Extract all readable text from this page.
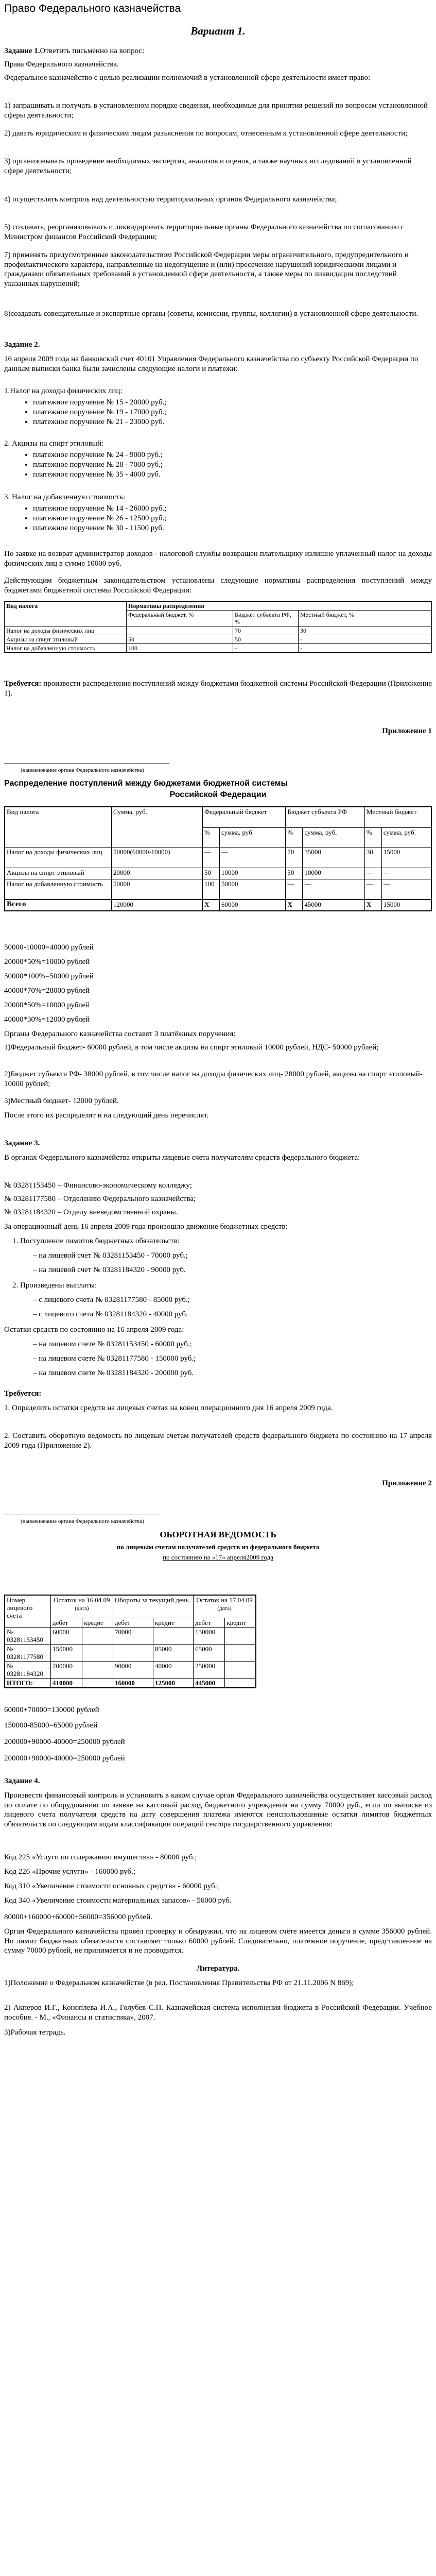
Право Федерального казначейства
Вариант 1.
Задание 1.Ответить письменно на вопрос:
Права Федерального казначейства.
Федеральное казначейство с целью реализации полномочий в установленной сфере деятельности имеет право:
1) запрашивать и получать в установленном порядке сведения, необходимые для принятия решений по вопросам установленной сферы деятельности;
2) давать юридическим и физическим лицам разъяснения по вопросам, отнесенным к установленной сфере деятельности;
3) организовывать проведение необходимых экспертиз, анализов и оценок, а также научных исследований в установленной сфере деятельности;
4) осуществлять контроль над деятельностью территориальных органов Федерального казначейства;
5) создавать, реорганизовывать и ликвидировать территориальные органы Федерального казначейства по согласованию с Министром финансов Российской Федерации;
7) применять предусмотренные законодательством Российской Федерации меры ограничительного, предупредительного и профилактического характера, направленные на недопущение и (или) пресечение нарушений юридическими лицами и гражданами обязательных требований в установленной сфере деятельности, а также меры по ликвидации последствий указанных нарушений;
8)создавать совещательные и экспертные органы (советы, комиссии, группы, коллегии) в установленной сфере деятельности.
Задание 2.
16 апреля 2009 года на банковский счет 40101 Управления Федерального казначейства по субъекту Российской Федерации по данным выписки банка были зачислены следующие налоги и платежи:
1.Налог на доходы физических лиц:
• платежное поручение № 15 - 20000 руб.;
• платежное поручение № 19 - 17000 руб.;
• платежное поручение № 21 - 23000 руб.
2. Акцизы на спирт этиловый:
• платежное поручение № 24 - 9000 руб.;
• платежное поручение № 28 - 7000 руб.;
• платежное поручение № 35 - 4000 руб.
3. Налог на добавленную стоимость:
• платежное поручение № 14 - 26000 руб.;
• платежное поручение № 26 - 12500 руб.;
• платежное поручение № 30 - 11500 руб.
По заявке на возврат администратор доходов - налоговой службы возвращен плательщику излишне уплаченный налог на доходы физических лиц в сумме 10000 руб.
Действующим бюджетным законодательством установлены следующие нормативы распределения поступлений между бюджетами бюджетной системы Российской Федерации:
Вид налога	Нормативы распределения		
	Федеральный бюджет, %	Бюджет субъекта РФ, %	Местный бюджет, %
Налог на доходы физических лиц		70	30
Акцизы на спирт этиловый	50	50	-
Налог на добавленную стоимость	100	-	-
Требуется: произвести распределение поступлений между бюджетами бюджетной системы Российской Федерации (Приложение 1).
Приложение 1
(наименование органа Федерального казначейства)
Распределение поступлений между бюджетами бюджетной системы
Российской Федерации
Вид налога	Сумма, руб.	Федеральный бюджет		Бюджет субъекта РФ		Местный бюджет	
		%	сумма, руб.	%	сумма, руб.	%	сумма, руб.
Налог на доходы физических лиц	50000(60000-10000)	—	—	70	35000	30	15000
Акцизы на спирт этиловый	20000	50	10000	50	10000	—	—
Налог на добавленную стоимость	50000	100	50000	—	—	—	—
Всего	120000	Х	60000	Х	45000	Х	15000
50000-10000=40000 рублей
20000*50%=10000 рублей
50000*100%=50000 рублей
40000*70%=28000 рублей
20000*50%=10000 рублей
40000*30%=12000 рублей
Органы Федерального казначейства составят 3 платёжных поручения:
1)Федеральный бюджет- 60000 рублей, в том числе акцизы на спирт этиловый 10000 рублей, НДС- 50000 рублей;
2)Бюджет субъекта РФ- 38000 рублей, в том числе налог на доходы физических лиц- 28000 рублей, акцизы на спирт этиловый- 10000 рублей;
3)Местный бюджет- 12000 рублей.
После этого их распределят и на следующий день перечислят.
Задание 3.
В органах Федерального казначейства открыты лицевые счета получателям средств федерального бюджета:
№ 03281153450 – Финансово-экономическому колледжу;
№ 03281177580 – Отделению Федерального казначейства;
№ 03281184320 – Отделу вневедомственной охраны.
За операционный день 16 апреля 2009 года произошло движение бюджетных средств:
1. Поступление лимитов бюджетных обязательств:
– на лицевой счет № 03281153450 - 70000 руб.;
– на лицевой счет № 03281184320 - 90000 руб.
2. Произведены выплаты:
– с лицевого счета № 03281177580 - 85000 руб.;
– с лицевого счета № 03281184320 - 40000 руб.
Остатки средств по состоянию на 16 апреля 2009 года:
– на лицевом счете № 03281153450 - 60000 руб.;
– на лицевом счете № 03281177580 - 150000 руб.;
– на лицевом счете № 03281184320 - 200000 руб.
Требуется:
1. Определить остатки средств на лицевых счетах на конец операционного дня 16 апреля 2009 года.
2. Составить оборотную ведомость по лицевым счетам получателей средств федерального бюджета по состоянию на 17 апреля 2009 года (Приложение 2).
Приложение 2
(наименование органа Федерального казначейства)
ОБОРОТНАЯ ВЕДОМОСТЬ
по лицевым счетам получателей средств из федерального бюджета
по состоянию на «17» апреля2009 года
Номер лицевого счета	Остаток на 16.04.09
(дата)		Обороты за текущий день		Остаток на 17.04.09
(дата)	
	дебет	кредит	дебет	кредит	дебет	кредит
№ 03281153450	60000		70000		130000	__
№ 03281177580	150000			85000	65000	__
№ 03281184320	200000		90000	40000	250000	__
ИТОГО:	410000		160000	125000	445000	__
60000+70000=130000 рублей
150000-85000=65000 рублей
200000+90000-40000=250000 рублей
200000+90000-40000=250000 рублей
Задание 4.
Произвести финансовый контроль и установить в каком случае орган Федерального казначейства осуществляет кассовый расход по оплате по оборудованию по заявке на кассовый расход бюджетного учреждения на сумму 70000 руб., если по выписке из лицевого счета получателя средств на дату совершения платежа имеются неиспользованные остатки лимитов бюджетных обязательств по следующим кодам классификации операций сектора государственного управления:
Код 225 «Услуги по содержанию имущества» - 80000 руб.;
Код 226 «Прочие услуги» - 160000 руб.;
Код 310 «Увеличение стоимости основных средств» - 60000 руб.;
Код 340 «Увеличение стоимости материальных запасов» - 56000 руб.
80000+160000+60000+56000=356000 рублей.
Орган Федерального казначейства провёл проверку и обнаружил, что на лицевом счёте имеется деньги в сумме 356000 рублей. Но лимит бюджетных обязательств составляет только 60000 рублей. Следовательно, платежное поручение, представленное на сумму 70000 рублей, не принимается и не проводится.
Литература.
1)Положение о Федеральном казначействе (в ред. Постановления Правительства РФ от 21.11.2006 N 869);
2) Акперов И.Г., Коноплева И.А., Голубев С.П. Казначейская система исполнения бюджета в Российской Федерации. Учебное пособие. - М., «Финансы и статистика», 2007.
3)Рабочая тетрадь.
